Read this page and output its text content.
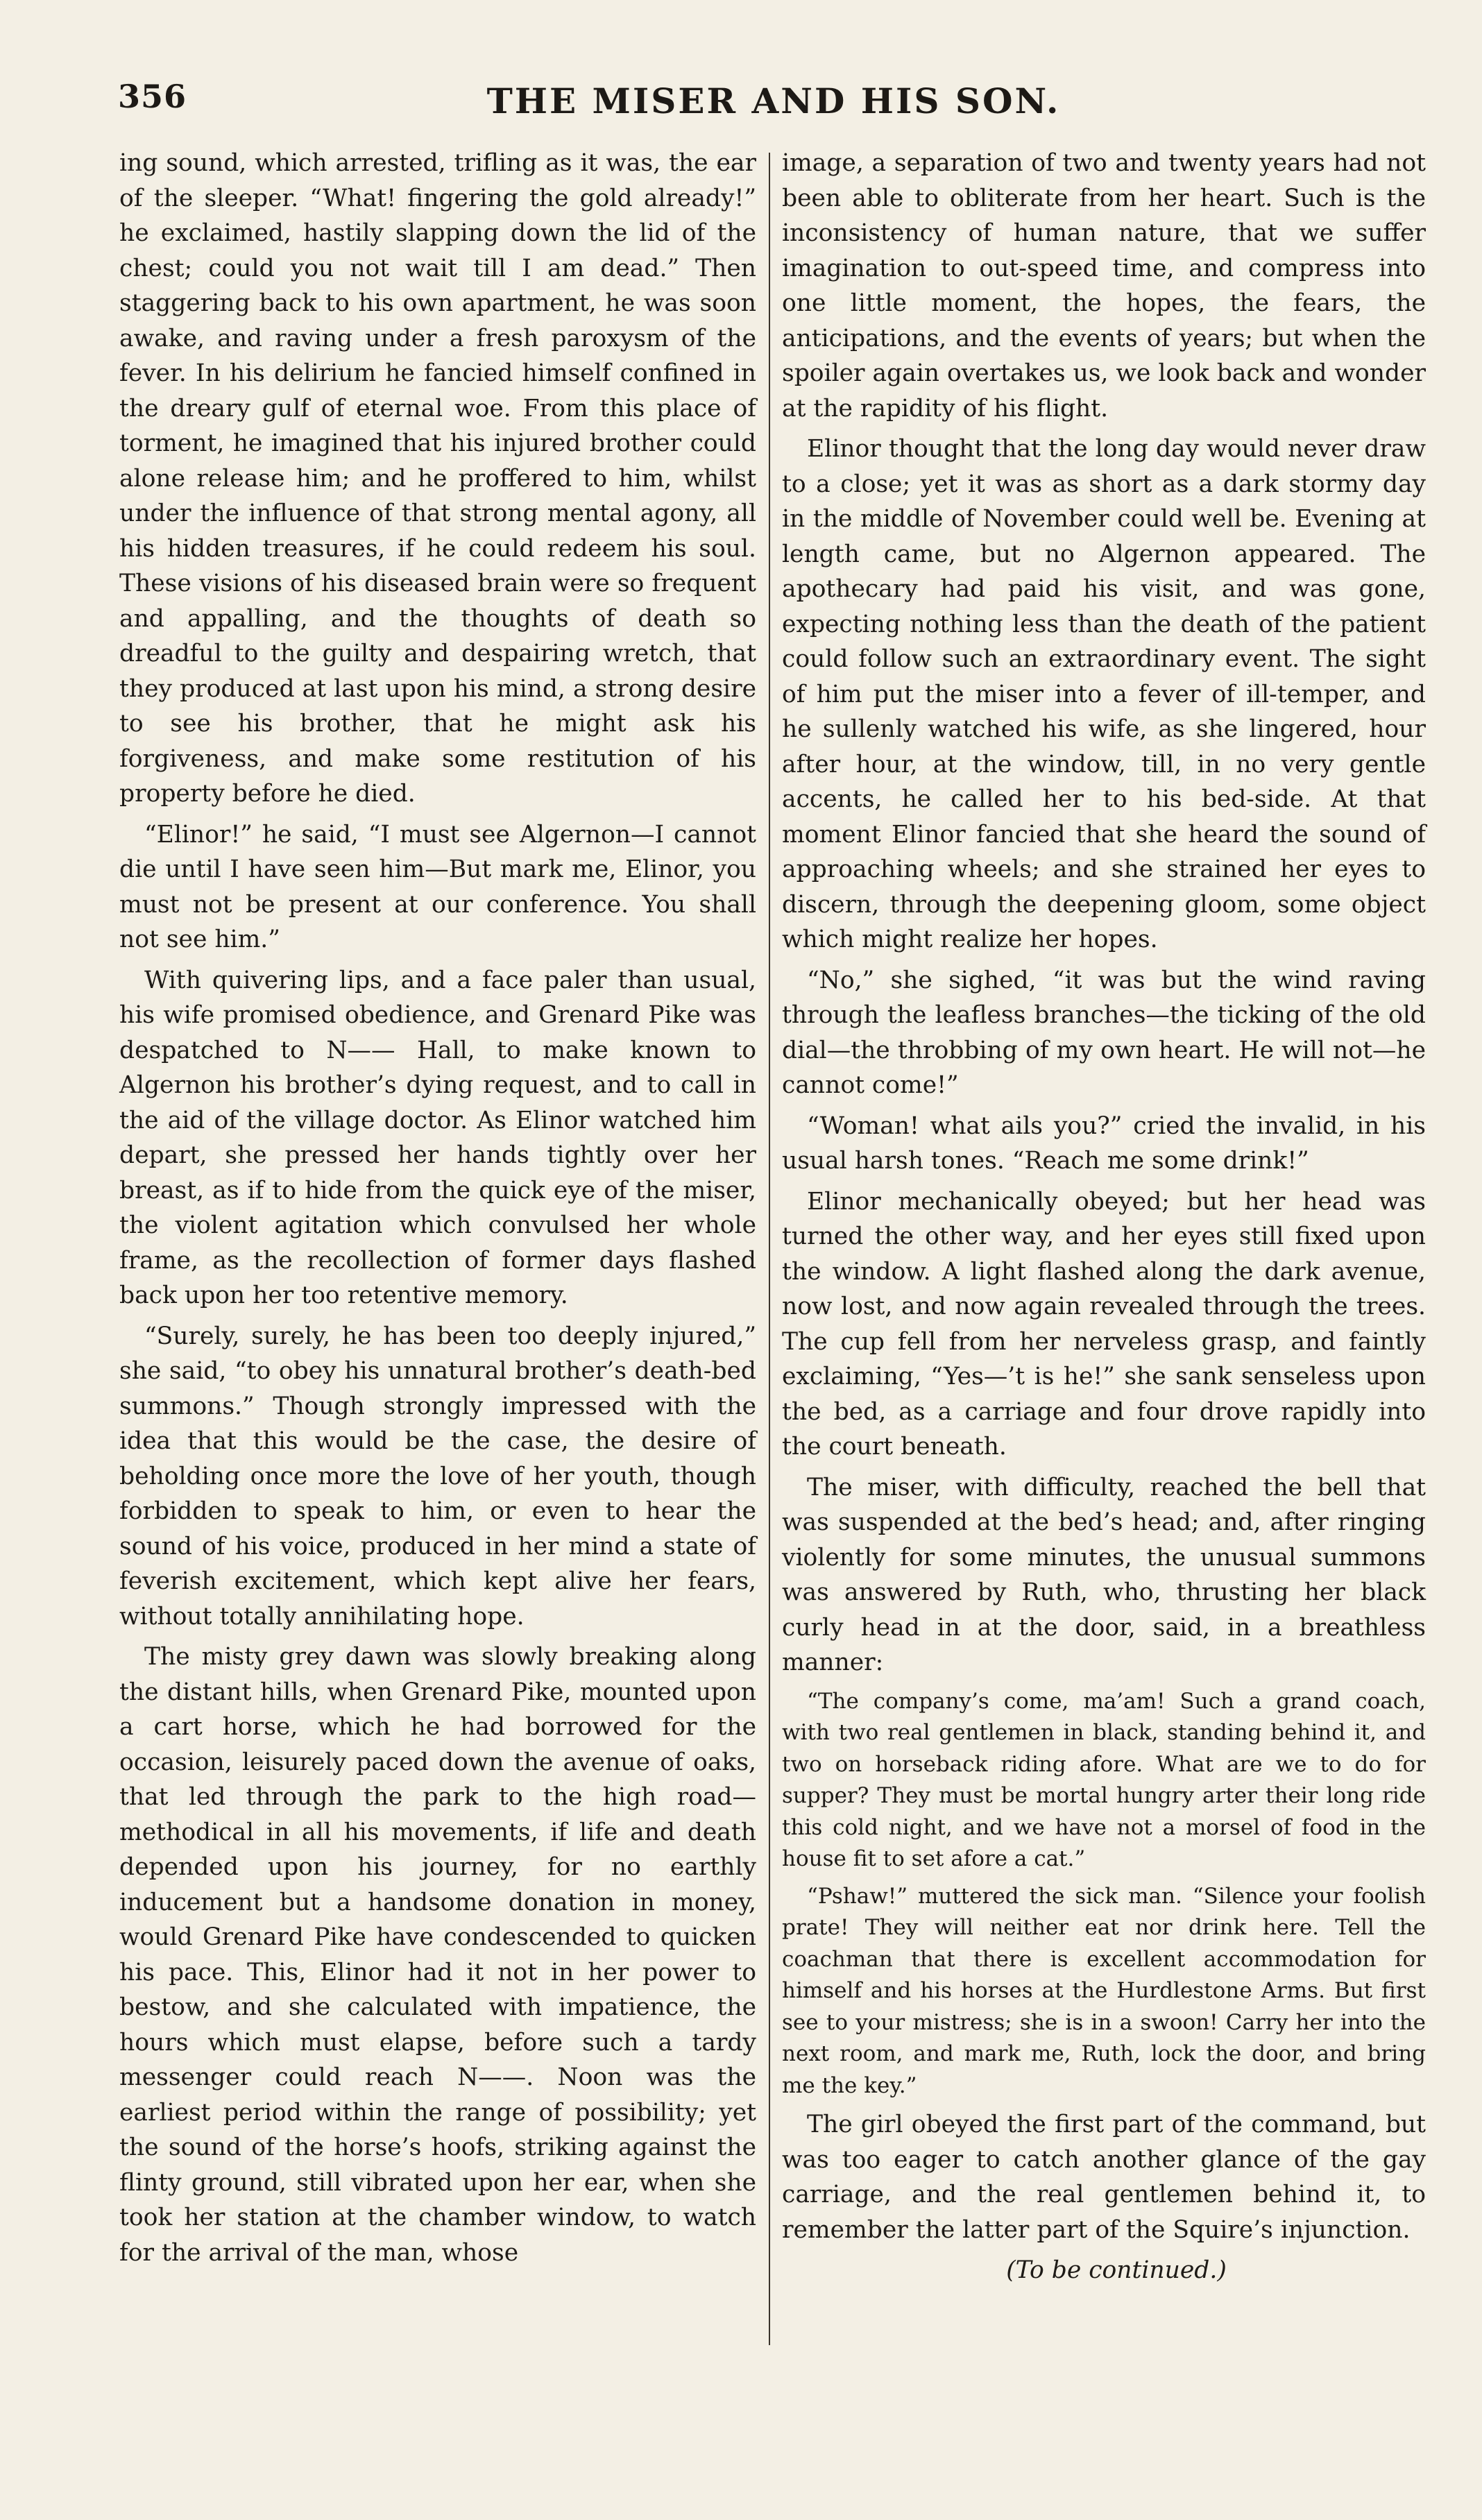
356	THE MISER AND HIS SON.

ing sound, which arrested, trifling as it was, the ear of the sleeper. “What! fingering the gold already!” he exclaimed, hastily slapping down the lid of the chest; could you not wait till I am dead.” Then staggering back to his own apartment, he was soon awake, and raving under a fresh paroxysm of the fever. In his delirium he fancied himself confined in the dreary gulf of eternal woe. From this place of torment, he imagined that his injured brother could alone release him; and he proffered to him, whilst under the influence of that strong mental agony, all his hidden treasures, if he could redeem his soul. These visions of his diseased brain were so frequent and appalling, and the thoughts of death so dreadful to the guilty and despairing wretch, that they produced at last upon his mind, a strong desire to see his brother, that he might ask his forgiveness, and make some restitution of his property before he died.

“Elinor!” he said, “I must see Algernon—I cannot die until I have seen him—But mark me, Elinor, you must not be present at our conference. You shall not see him.”

With quivering lips, and a face paler than usual, his wife promised obedience, and Grenard Pike was despatched to N—— Hall, to make known to Algernon his brother’s dying request, and to call in the aid of the village doctor. As Elinor watched him depart, she pressed her hands tightly over her breast, as if to hide from the quick eye of the miser, the violent agitation which convulsed her whole frame, as the recollection of former days flashed back upon her too retentive memory.

“Surely, surely, he has been too deeply injured,” she said, “to obey his unnatural brother’s death-bed summons.” Though strongly impressed with the idea that this would be the case, the desire of beholding once more the love of her youth, though forbidden to speak to him, or even to hear the sound of his voice, produced in her mind a state of feverish excitement, which kept alive her fears, without totally annihilating hope.

The misty grey dawn was slowly breaking along the distant hills, when Grenard Pike, mounted upon a cart horse, which he had borrowed for the occasion, leisurely paced down the avenue of oaks, that led through the park to the high road—methodical in all his movements, if life and death depended upon his journey, for no earthly inducement but a handsome donation in money, would Grenard Pike have condescended to quicken his pace. This, Elinor had it not in her power to bestow, and she calculated with impatience, the hours which must elapse, before such a tardy messenger could reach N——. Noon was the earliest period within the range of possibility; yet the sound of the horse’s hoofs, striking against the flinty ground, still vibrated upon her ear, when she took her station at the chamber window, to watch for the arrival of the man, whose

image, a separation of two and twenty years had not been able to obliterate from her heart. Such is the inconsistency of human nature, that we suffer imagination to out-speed time, and compress into one little moment, the hopes, the fears, the anticipations, and the events of years; but when the spoiler again overtakes us, we look back and wonder at the rapidity of his flight.

Elinor thought that the long day would never draw to a close; yet it was as short as a dark stormy day in the middle of November could well be. Evening at length came, but no Algernon appeared. The apothecary had paid his visit, and was gone, expecting nothing less than the death of the patient could follow such an extraordinary event. The sight of him put the miser into a fever of ill-temper, and he sullenly watched his wife, as she lingered, hour after hour, at the window, till, in no very gentle accents, he called her to his bed-side. At that moment Elinor fancied that she heard the sound of approaching wheels; and she strained her eyes to discern, through the deepening gloom, some object which might realize her hopes.

“No,” she sighed, “it was but the wind raving through the leafless branches—the ticking of the old dial—the throbbing of my own heart. He will not—he cannot come!”

“Woman! what ails you?” cried the invalid, in his usual harsh tones. “Reach me some drink!”

Elinor mechanically obeyed; but her head was turned the other way, and her eyes still fixed upon the window. A light flashed along the dark avenue, now lost, and now again revealed through the trees. The cup fell from her nerveless grasp, and faintly exclaiming, “Yes—’t is he!” she sank senseless upon the bed, as a carriage and four drove rapidly into the court beneath.

The miser, with difficulty, reached the bell that was suspended at the bed’s head; and, after ringing violently for some minutes, the unusual summons was answered by Ruth, who, thrusting her black curly head in at the door, said, in a breathless manner:

“The company’s come, ma’am! Such a grand coach, with two real gentlemen in black, standing behind it, and two on horseback riding afore. What are we to do for supper? They must be mortal hungry arter their long ride this cold night, and we have not a morsel of food in the house fit to set afore a cat.”

“Pshaw!” muttered the sick man. “Silence your foolish prate! They will neither eat nor drink here. Tell the coachman that there is excellent accommodation for himself and his horses at the Hurdlestone Arms. But first see to your mistress; she is in a swoon! Carry her into the next room, and mark me, Ruth, lock the door, and bring me the key.”

The girl obeyed the first part of the command, but was too eager to catch another glance of the gay carriage, and the real gentlemen behind it, to remember the latter part of the Squire’s injunction.

(To be continued.)
